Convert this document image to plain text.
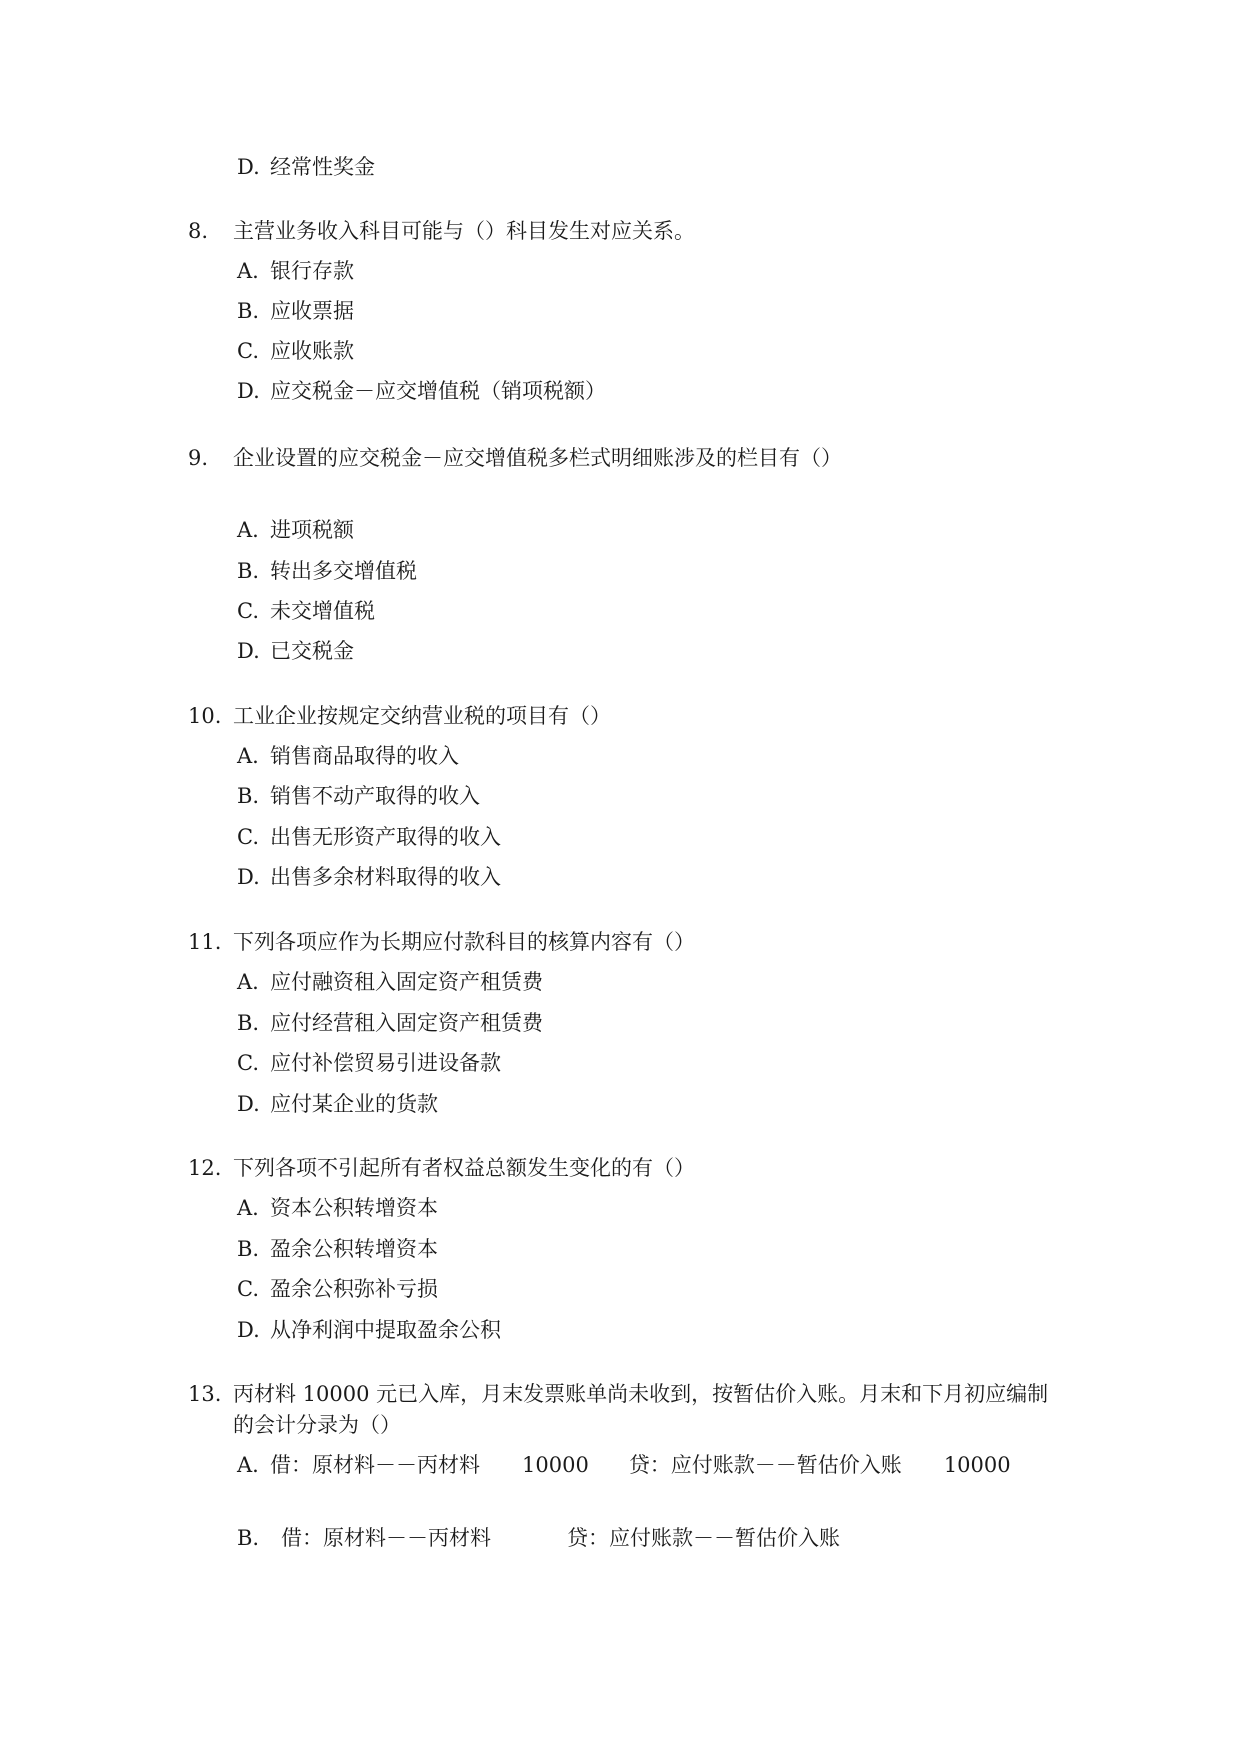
D. 经常性奖金
8. 主营业务收入科目可能与（）科目发生对应关系。
A. 银行存款
B. 应收票据
C. 应收账款
D. 应交税金－应交增值税（销项税额）
9. 企业设置的应交税金－应交增值税多栏式明细账涉及的栏目有（）
A. 进项税额
B. 转出多交增值税
C. 未交增值税
D. 已交税金
10. 工业企业按规定交纳营业税的项目有（）
A. 销售商品取得的收入
B. 销售不动产取得的收入
C. 出售无形资产取得的收入
D. 出售多余材料取得的收入
11. 下列各项应作为长期应付款科目的核算内容有（）
A. 应付融资租入固定资产租赁费
B. 应付经营租入固定资产租赁费
C. 应付补偿贸易引进设备款
D. 应付某企业的货款
12. 下列各项不引起所有者权益总额发生变化的有（）
A. 资本公积转增资本
B. 盈余公积转增资本
C. 盈余公积弥补亏损
D. 从净利润中提取盈余公积
13. 丙材料 10000 元已入库，月末发票账单尚未收到，按暂估价入账。月末和下月初应编制
的会计分录为（）
A. 借：原材料－－丙材料 10000 贷：应付账款－－暂估价入账 10000
B. 借：原材料－－丙材料	贷：应付账款－－暂估价入账
